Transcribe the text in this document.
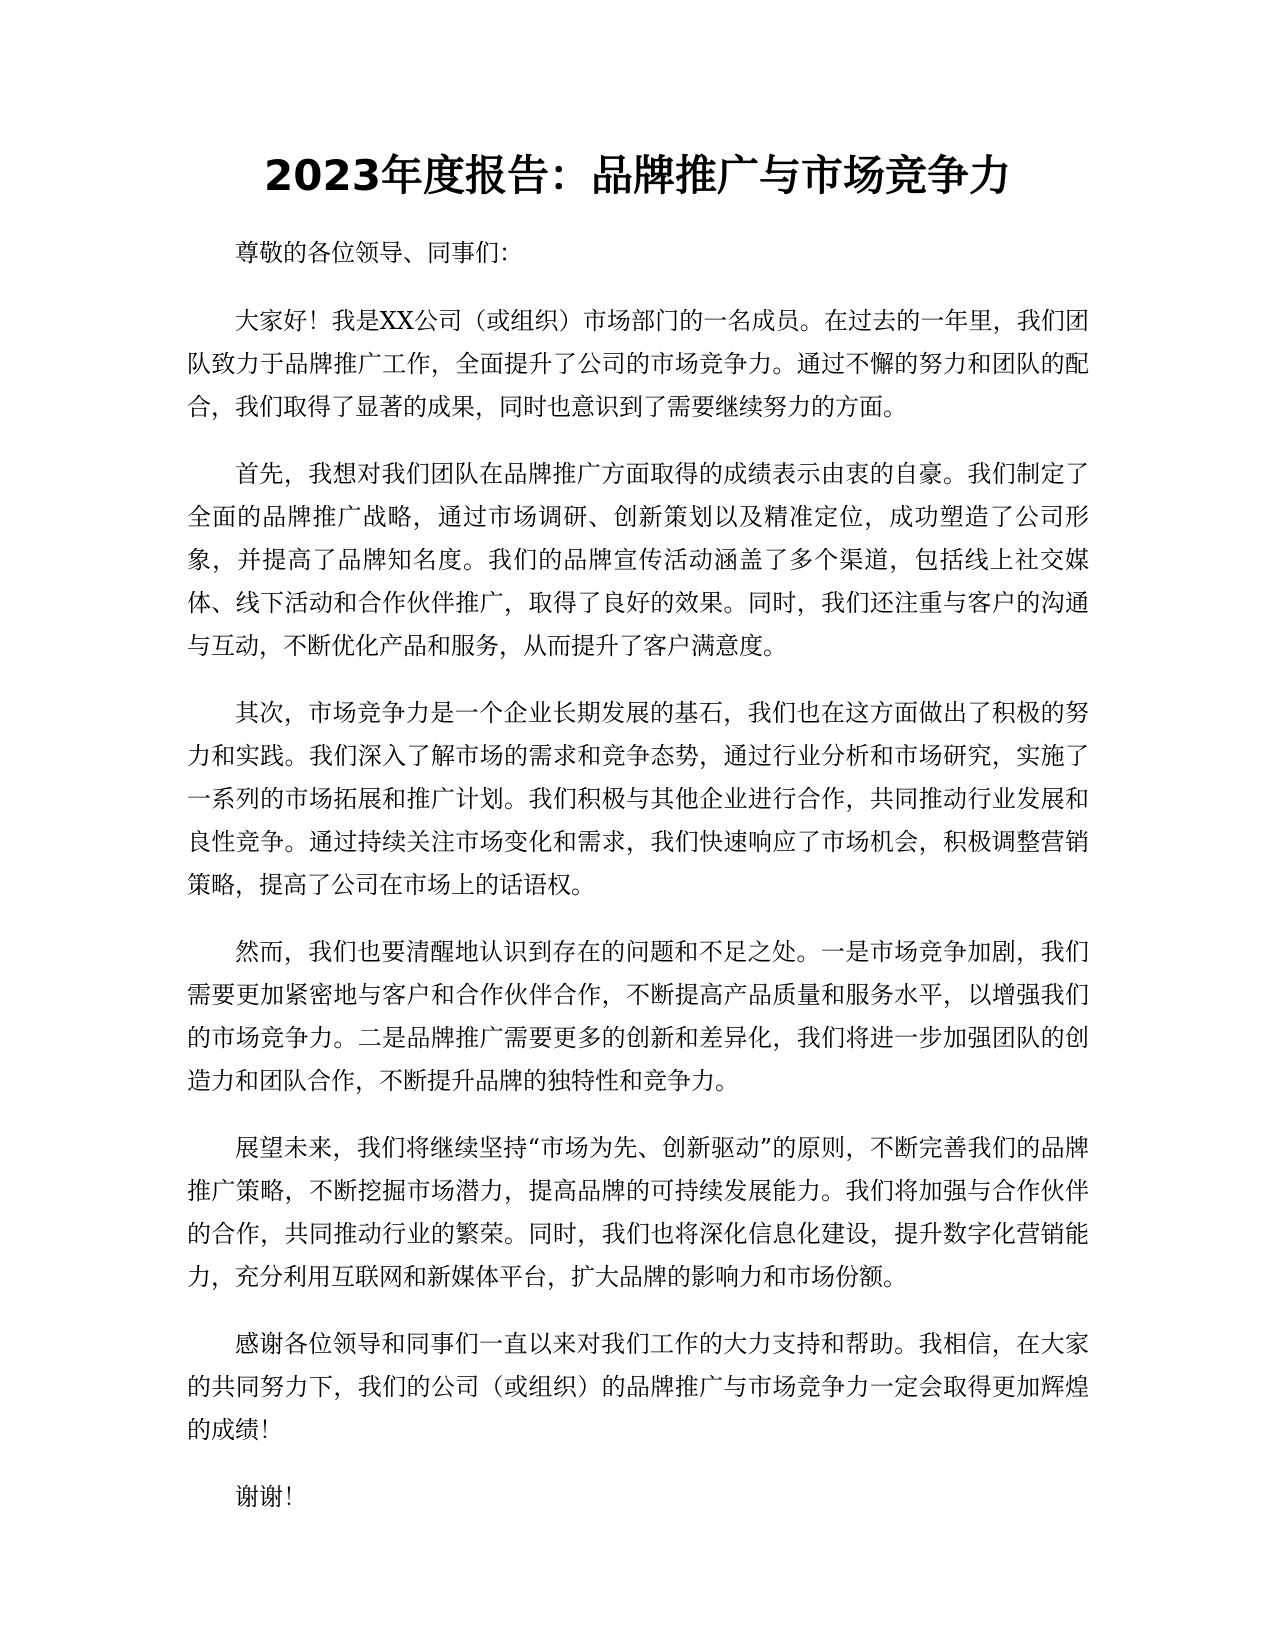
2023年度报告：品牌推广与市场竞争力

尊敬的各位领导、同事们：

大家好！我是XX公司（或组织）市场部门的一名成员。在过去的一年里，我们团队致力于品牌推广工作，全面提升了公司的市场竞争力。通过不懈的努力和团队的配合，我们取得了显著的成果，同时也意识到了需要继续努力的方面。

首先，我想对我们团队在品牌推广方面取得的成绩表示由衷的自豪。我们制定了全面的品牌推广战略，通过市场调研、创新策划以及精准定位，成功塑造了公司形象，并提高了品牌知名度。我们的品牌宣传活动涵盖了多个渠道，包括线上社交媒体、线下活动和合作伙伴推广，取得了良好的效果。同时，我们还注重与客户的沟通与互动，不断优化产品和服务，从而提升了客户满意度。

其次，市场竞争力是一个企业长期发展的基石，我们也在这方面做出了积极的努力和实践。我们深入了解市场的需求和竞争态势，通过行业分析和市场研究，实施了一系列的市场拓展和推广计划。我们积极与其他企业进行合作，共同推动行业发展和良性竞争。通过持续关注市场变化和需求，我们快速响应了市场机会，积极调整营销策略，提高了公司在市场上的话语权。

然而，我们也要清醒地认识到存在的问题和不足之处。一是市场竞争加剧，我们需要更加紧密地与客户和合作伙伴合作，不断提高产品质量和服务水平，以增强我们的市场竞争力。二是品牌推广需要更多的创新和差异化，我们将进一步加强团队的创造力和团队合作，不断提升品牌的独特性和竞争力。

展望未来，我们将继续坚持“市场为先、创新驱动”的原则，不断完善我们的品牌推广策略，不断挖掘市场潜力，提高品牌的可持续发展能力。我们将加强与合作伙伴的合作，共同推动行业的繁荣。同时，我们也将深化信息化建设，提升数字化营销能力，充分利用互联网和新媒体平台，扩大品牌的影响力和市场份额。

感谢各位领导和同事们一直以来对我们工作的大力支持和帮助。我相信，在大家的共同努力下，我们的公司（或组织）的品牌推广与市场竞争力一定会取得更加辉煌的成绩！

谢谢！
